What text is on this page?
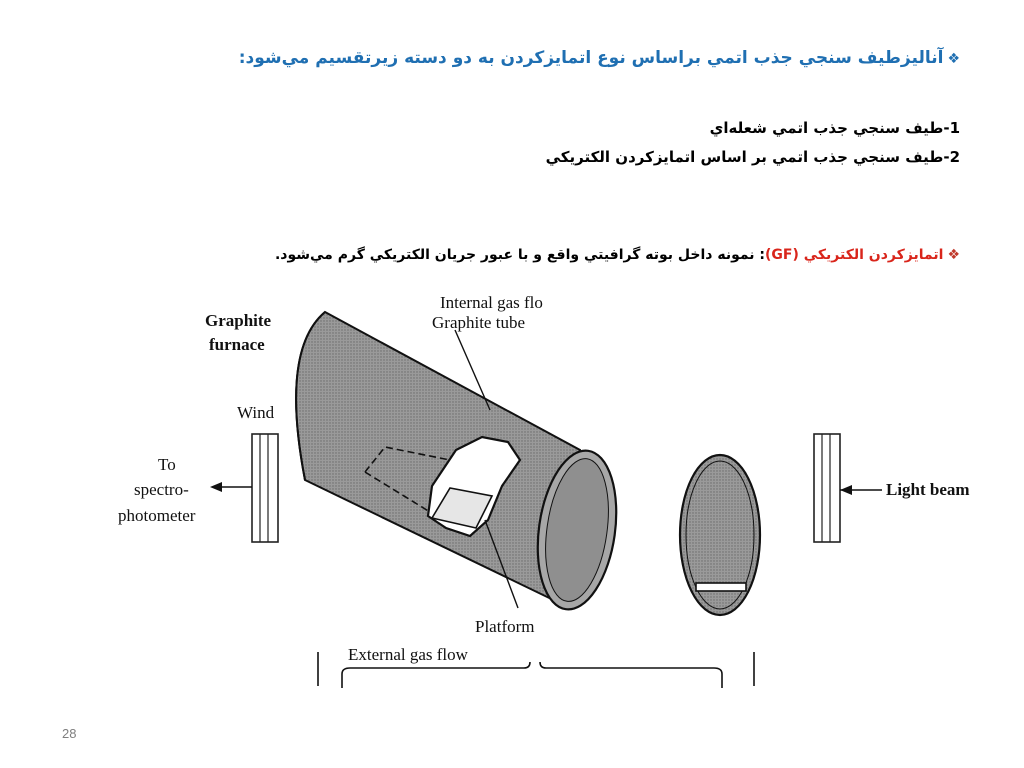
❖آناليزطيف سنجي جذب اتمي براساس نوع اتمايزكردن به دو دسته زيرتقسيم مي‌شود:
1-طيف سنجي جذب اتمي شعله‌اي
2-طيف سنجي جذب اتمي بر اساس اتمايزكردن الكتريكي
❖اتمايزكردن الكتريكي (GF): نمونه داخل بوته گرافيتي واقع و با عبور جريان الكتريكي گرم مي‌شود.
Internal gas flo
Graphite
furnace
Wind
To
spectro-
photometer
Graphite tube
Light beam
Platform
External gas flow
28
